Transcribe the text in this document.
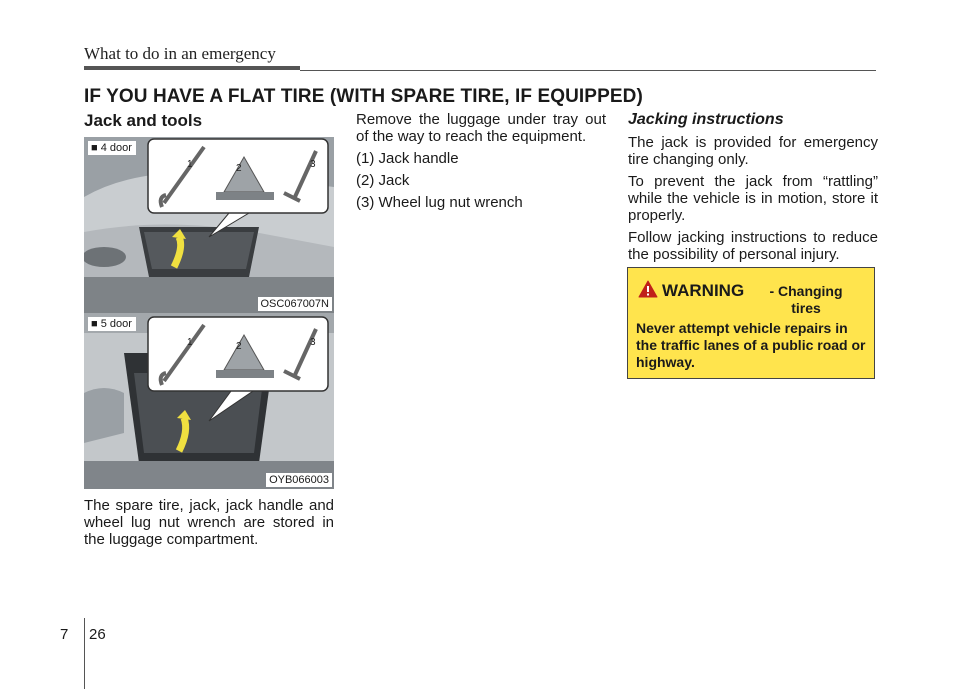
What to do in an emergency
IF YOU HAVE A FLAT TIRE (WITH SPARE TIRE, IF EQUIPPED)
Jack and tools
1	2	3
■ 4 door
OSC067007N
1	2	3
■ 5 door
OYB066003
The spare tire, jack, jack handle and wheel lug nut wrench are stored in the luggage compartment.

Remove the luggage under tray out of the way to reach the equipment.

(1) Jack handle

(2) Jack

(3) Wheel lug nut wrench

Jacking instructions

The jack is provided for emergency tire changing only.

To prevent the jack from “rattling” while the vehicle is in motion, store it properly.

Follow jacking instructions to reduce the possibility of personal injury.

WARNING	- Changing tires
Never attempt vehicle repairs in the traffic lanes of a public road or highway.
7 26
